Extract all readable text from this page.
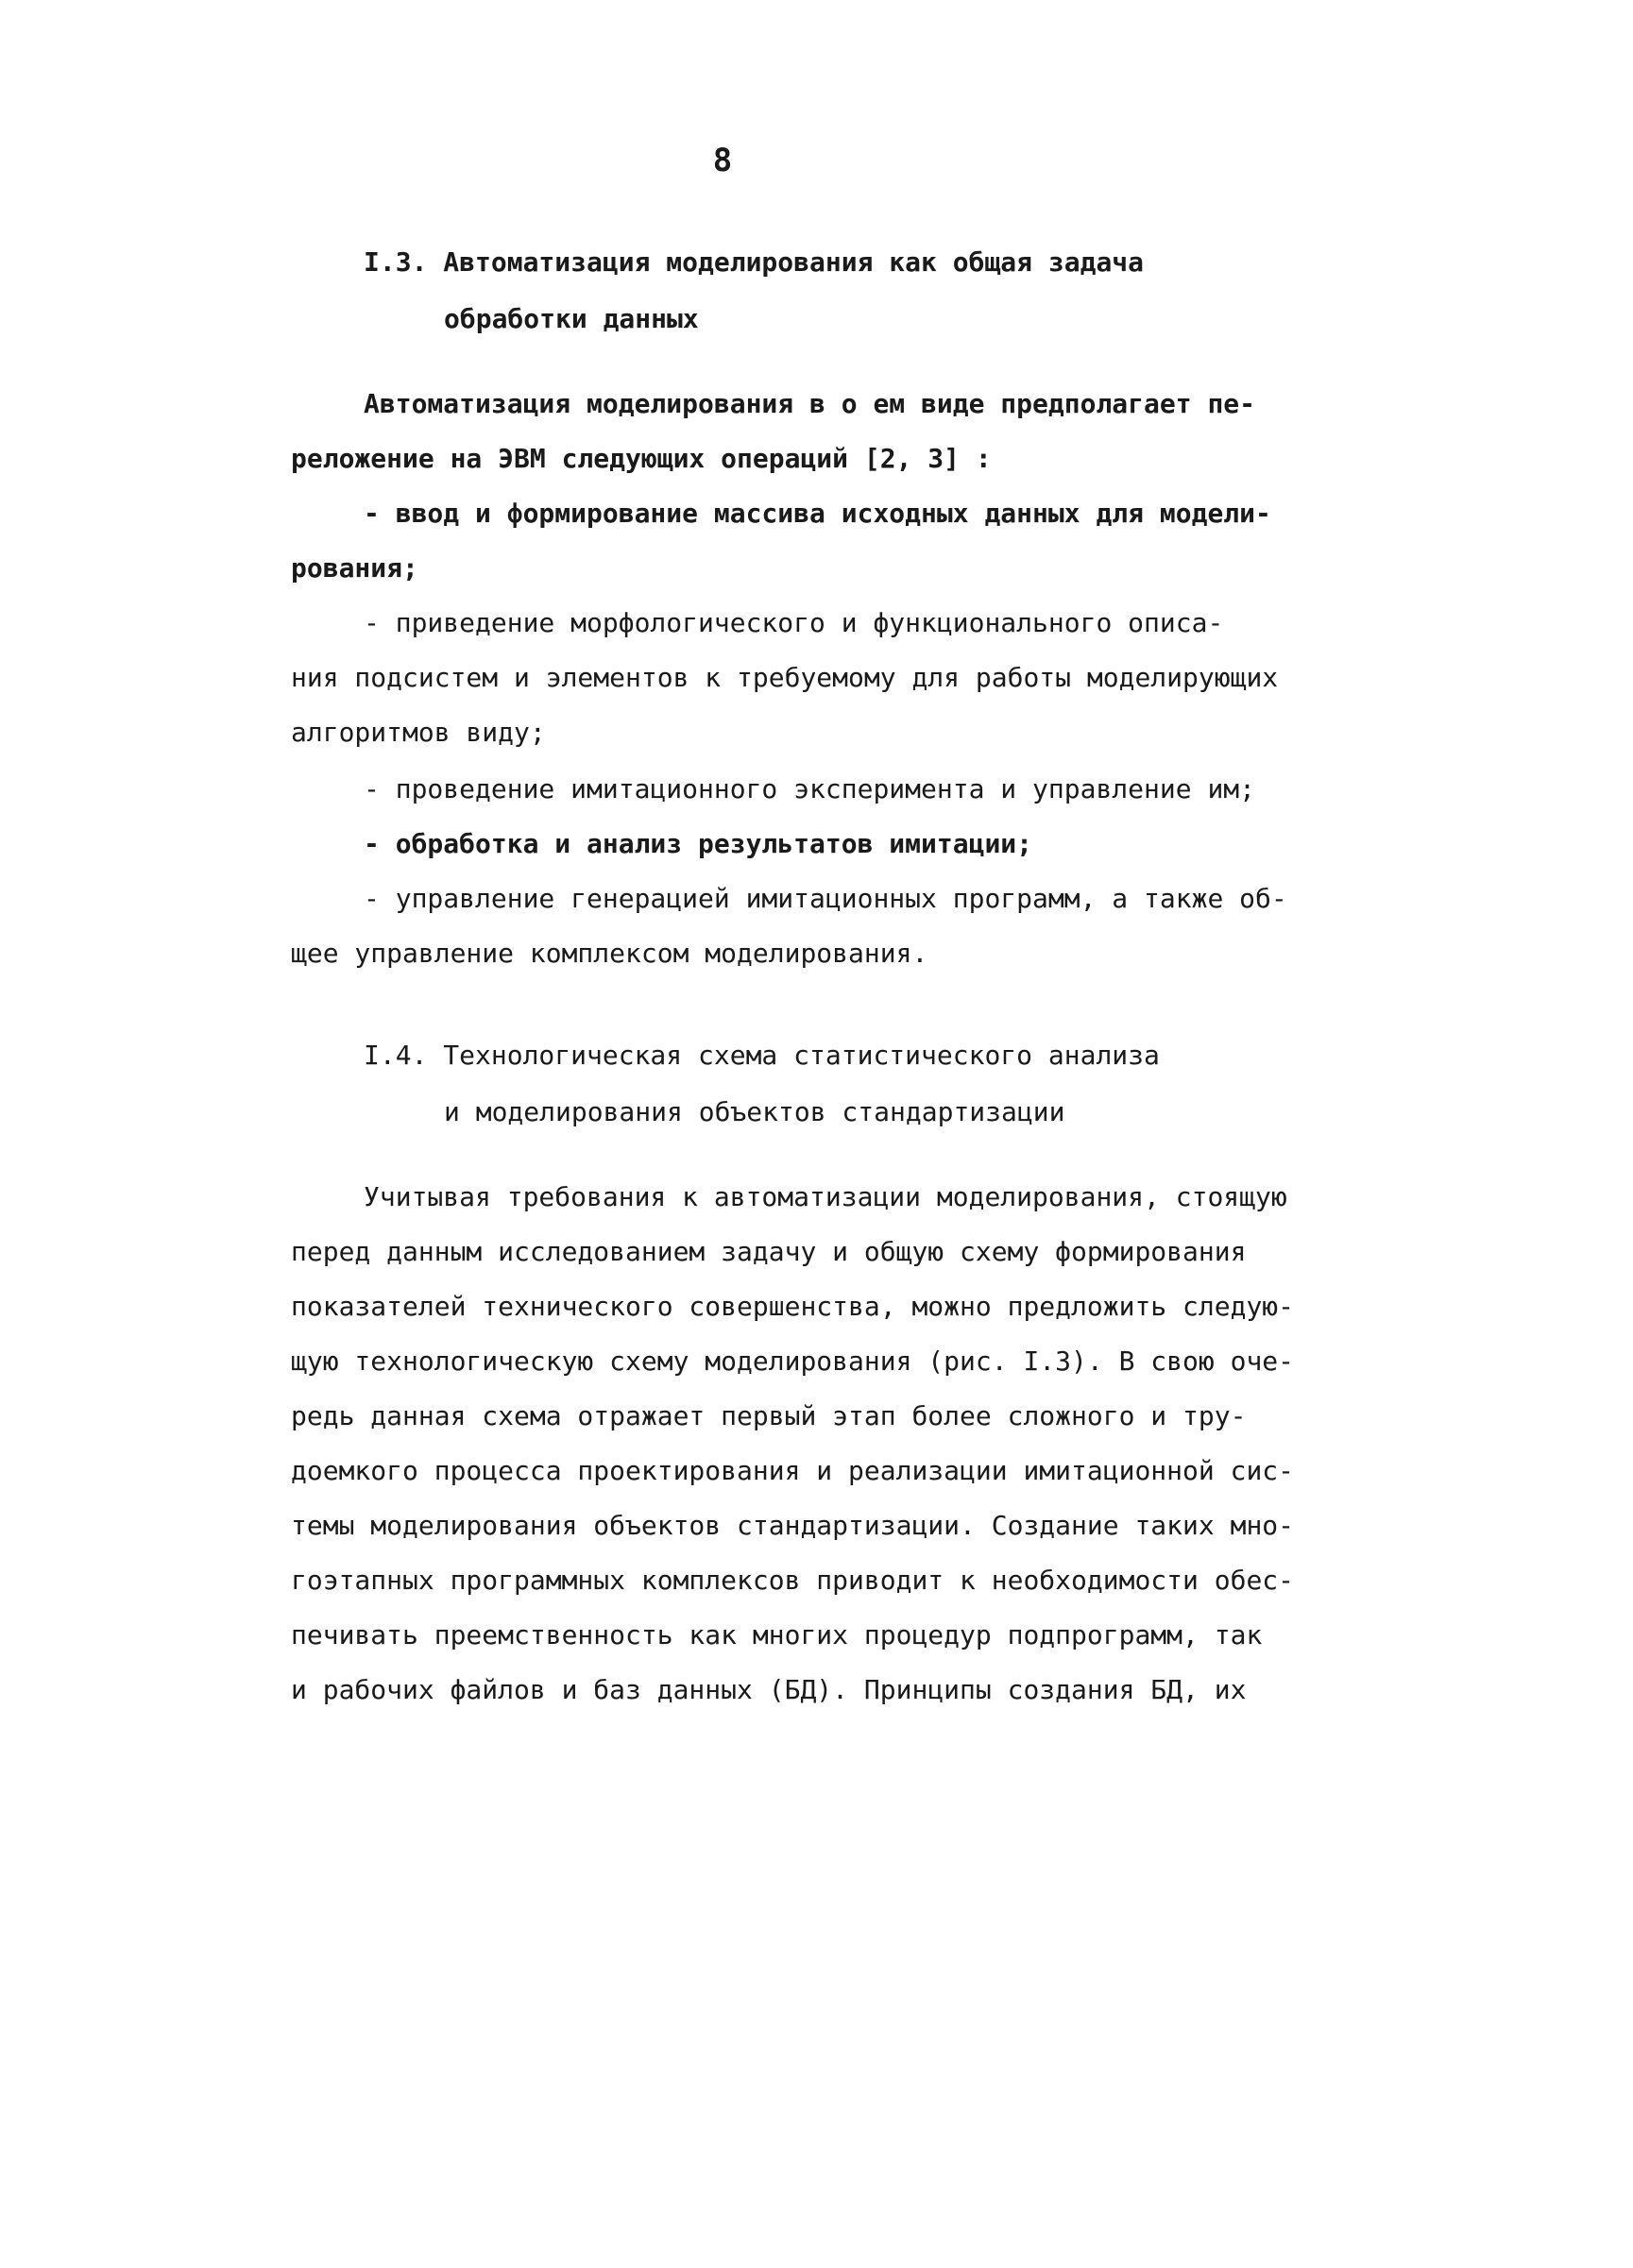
8
I.3. Автоматизация моделирования как общая задача
обработки данных
Автоматизация моделирования в о ем виде предполагает пе-
реложение на ЭВМ следующих операций [2, 3] :
- ввод и формирование массива исходных данных для модели-
рования;
- приведение морфологического и функционального описа-
ния подсистем и элементов к требуемому для работы моделирующих
алгоритмов виду;
- проведение имитационного эксперимента и управление им;
- обработка и анализ результатов имитации;
- управление генерацией имитационных программ, а также об-
щее управление комплексом моделирования.
I.4. Технологическая схема статистического анализа
и моделирования объектов стандартизации
Учитывая требования к автоматизации моделирования, стоящую
перед данным исследованием задачу и общую схему формирования
показателей технического совершенства, можно предложить следую-
щую технологическую схему моделирования (рис. I.3). В свою оче-
редь данная схема отражает первый этап более сложного и тру-
доемкого процесса проектирования и реализации имитационной сис-
темы моделирования объектов стандартизации. Создание таких мно-
гоэтапных программных комплексов приводит к необходимости обес-
печивать преемственность как многих процедур подпрограмм, так
и рабочих файлов и баз данных (БД). Принципы создания БД, их
